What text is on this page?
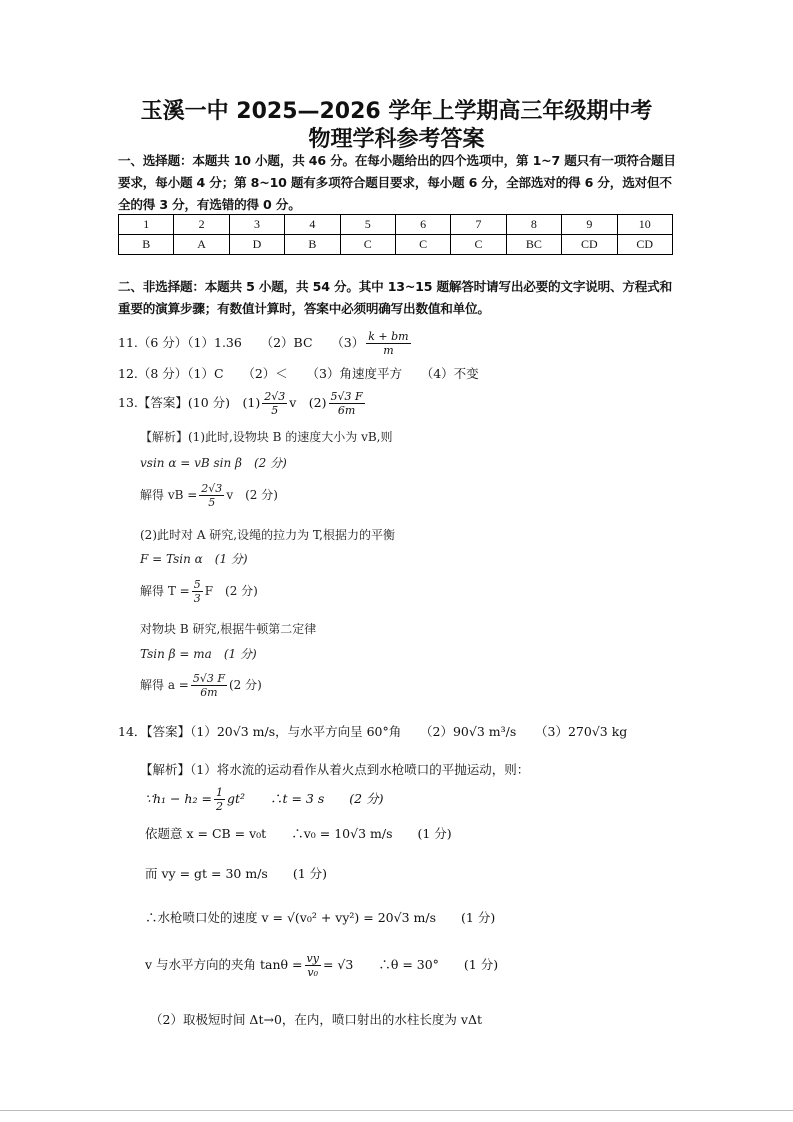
玉溪一中 2025—2026 学年上学期高三年级期中考
物理学科参考答案
一、选择题：本题共 10 小题，共 46 分。在每小题给出的四个选项中，第 1~7 题只有一项符合题目要求，每小题 4 分；第 8~10 题有多项符合题目要求，每小题 6 分，全部选对的得 6 分，选对但不全的得 3 分，有选错的得 0 分。
1	2	3	4	5	6	7	8	9	10
B	A	D	B	C	C	C	BC	CD	CD
二、非选择题：本题共 5 小题，共 54 分。其中 13~15 题解答时请写出必要的文字说明、方程式和重要的演算步骤；有数值计算时，答案中必须明确写出数值和单位。
11.（6 分）（1）1.36　　（2）BC　　$(3) \frac{k + bm}{m}$
12.（8 分）（1）C　　（2）＜　　（3）角速度平方　　（4）不变
13.【答案】(10 分)　$(1) \frac{2√3}{5}$ v　$(2) \frac{5√3 F}{6m}$
【解析】(1)此时,设物块 B 的速度大小为 vB,则
vsin α = vB sin β　(2 分)
解得 vB = $\frac{2√3}{5}$ v　(2 分)
(2)此时对 A 研究,设绳的拉力为 T,根据力的平衡
F = Tsin α　(1 分)
解得 $T = \frac{5}{3}$ F　(2 分)
对物块 B 研究,根据牛顿第二定律
Tsin β = ma　(1 分)
解得 $a = \frac{5√3 F}{6m} (2$ 分)
14．【答案】（1）20√3 m/s，与水平方向呈 60°角　　（2）90√3 m³/s　　（3）270√3 kg
【解析】（1）将水流的运动看作从着火点到水枪喷口的平抛运动，则：
∵h₁ − $h_2 = \frac{1}{2} gt^2$　　∴t = 3 s　　(2 分)
依题意 x = CB = v₀t　　∴v₀ = 10√3 m/s　　(1 分)
而 vy = gt = 30 m/s　　(1 分)
∴水枪喷口处的速度 v = √(v₀² + vy²) = 20√3 m/s　　(1 分)
v 与水平方向的夹角 $\tan\theta = \frac{vy}{\text{v₀}} = √3$　　∴θ = 30°　　(1 分)
（2）取极短时间 Δt→0，在内，喷口射出的水柱长度为 vΔt
